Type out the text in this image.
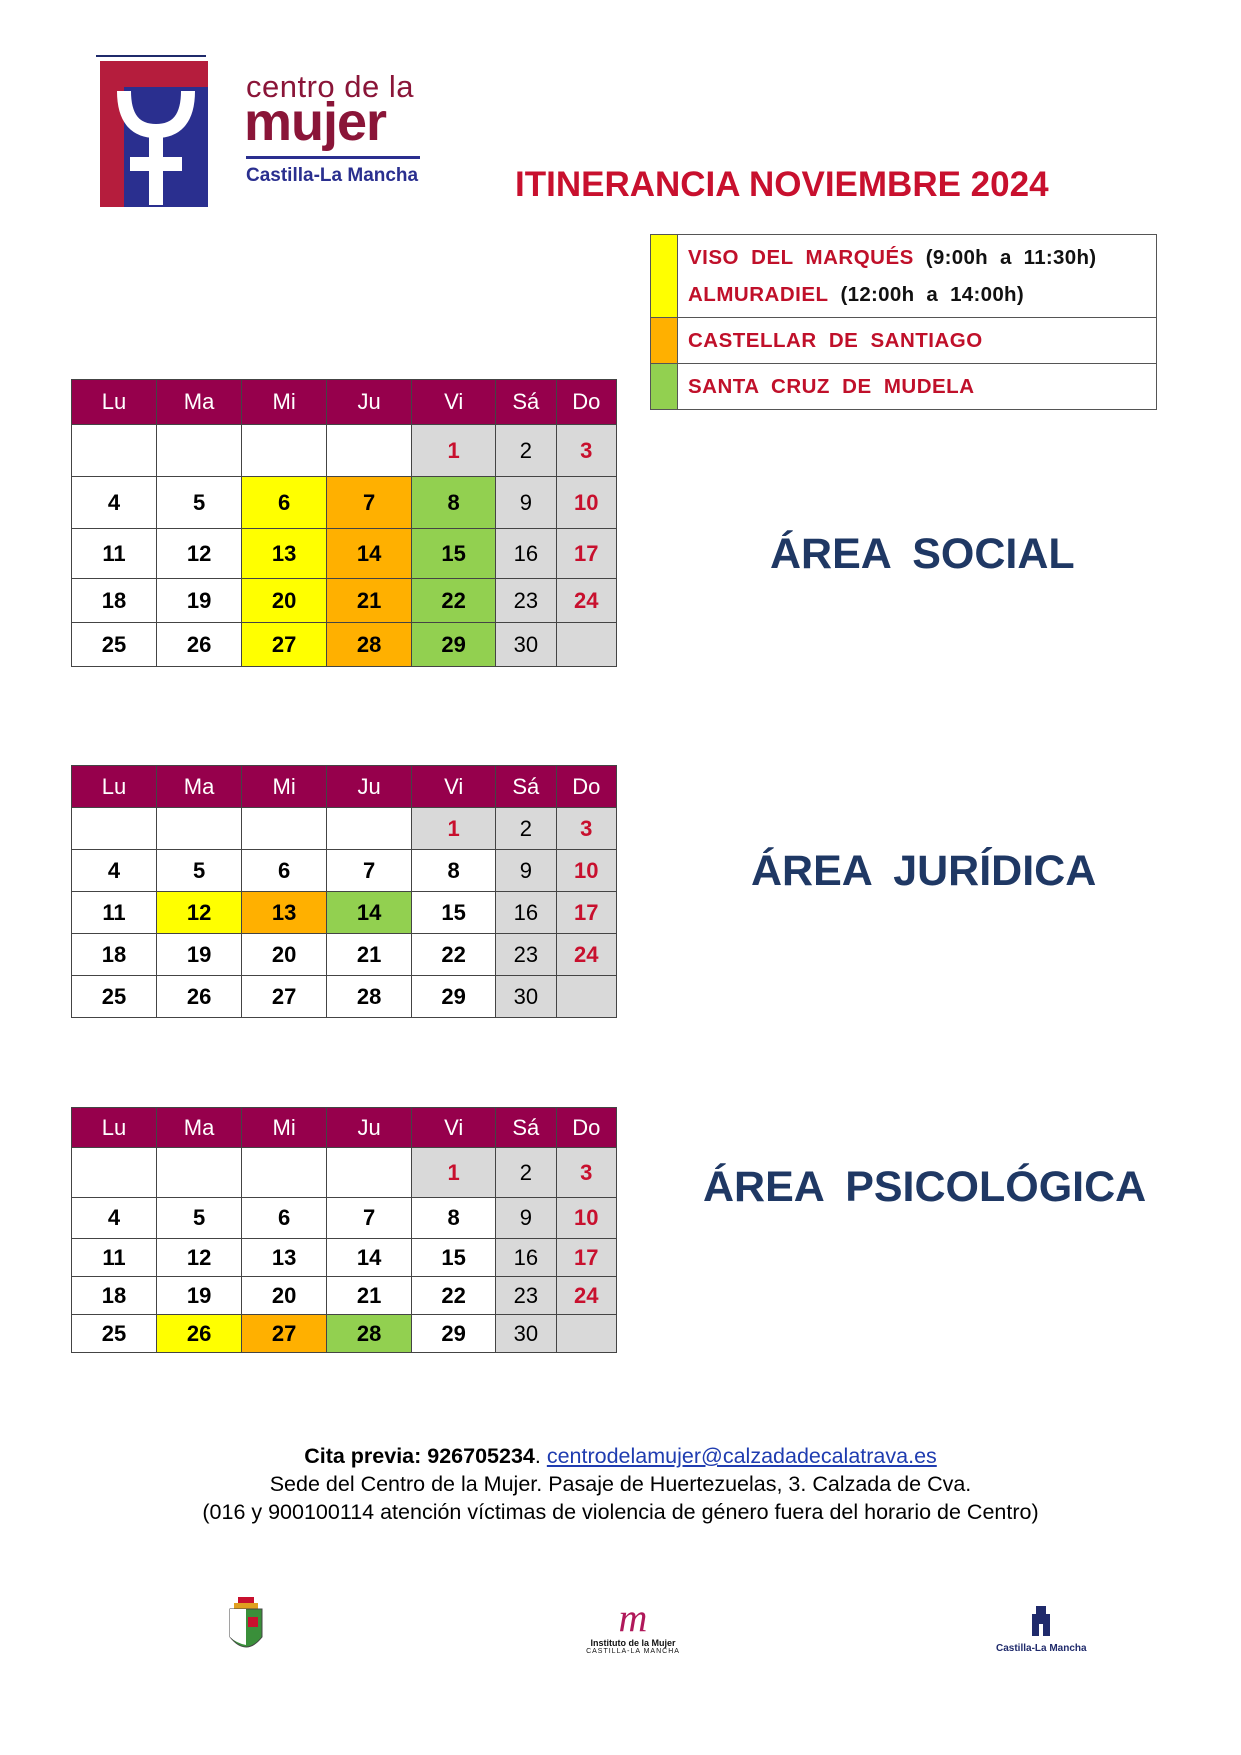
centro de la
mujer
Castilla-La Mancha	ITINERANCIA NOVIEMBRE 2024
VISO DEL MARQUÉS (9:00h a 11:30h)
ALMURADIEL (12:00h a 14:00h)
CASTELLAR DE SANTIAGO
SANTA CRUZ DE MUDELA
Lu	Ma	Mi	Ju	Vi	Sá	Do
				1	2	3
4	5	6	7	8	9	10
11	12	13	14	15	16	17
18	19	20	21	22	23	24
25	26	27	28	29	30	
ÁREA SOCIAL
Lu	Ma	Mi	Ju	Vi	Sá	Do
				1	2	3
4	5	6	7	8	9	10
11	12	13	14	15	16	17
18	19	20	21	22	23	24
25	26	27	28	29	30	
ÁREA JURÍDICA
Lu	Ma	Mi	Ju	Vi	Sá	Do
				1	2	3
4	5	6	7	8	9	10
11	12	13	14	15	16	17
18	19	20	21	22	23	24
25	26	27	28	29	30	
ÁREA PSICOLÓGICA
Cita previa: 926705234. centrodelamujer@calzadadecalatrava.es
Sede del Centro de la Mujer. Pasaje de Huertezuelas, 3. Calzada de Cva.
(016 y 900100114 atención víctimas de violencia de género fuera del horario de Centro)
m
Instituto de la Mujer
CASTILLA-LA MANCHA	Castilla-La Mancha
